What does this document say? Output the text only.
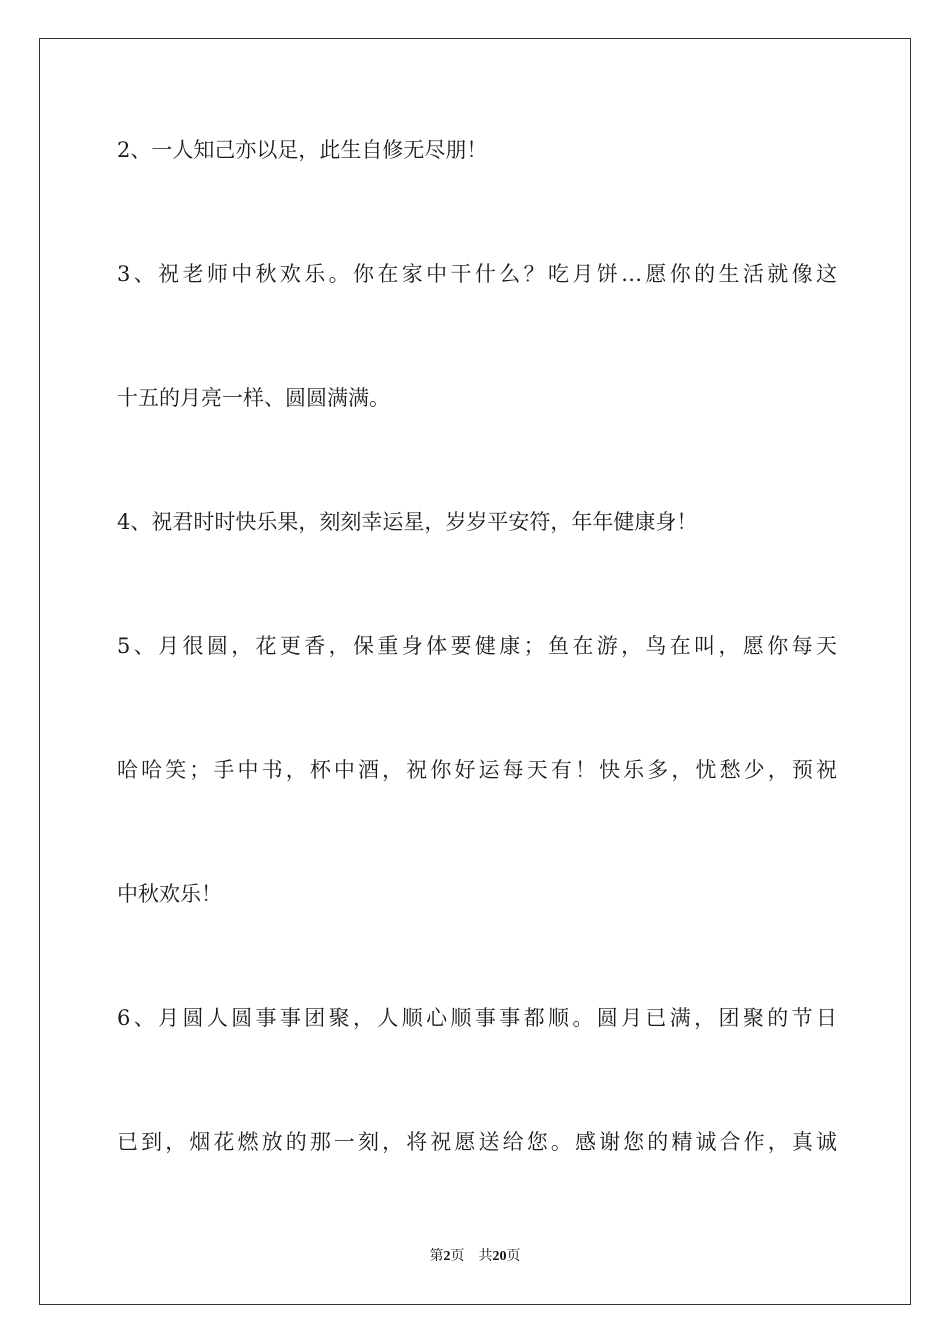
2、一人知己亦以足，此生自修无尽朋！
3、祝老师中秋欢乐。你在家中干什么？吃月饼…愿你的生活就像这
十五的月亮一样、圆圆满满。
4、祝君时时快乐果，刻刻幸运星，岁岁平安符，年年健康身！
5、月很圆，花更香，保重身体要健康；鱼在游，鸟在叫，愿你每天
哈哈笑；手中书，杯中酒，祝你好运每天有！快乐多，忧愁少，预祝
中秋欢乐！
6、月圆人圆事事团聚，人顺心顺事事都顺。圆月已满，团聚的节日
已到，烟花燃放的那一刻，将祝愿送给您。感谢您的精诚合作，真诚
第2页 共20页
